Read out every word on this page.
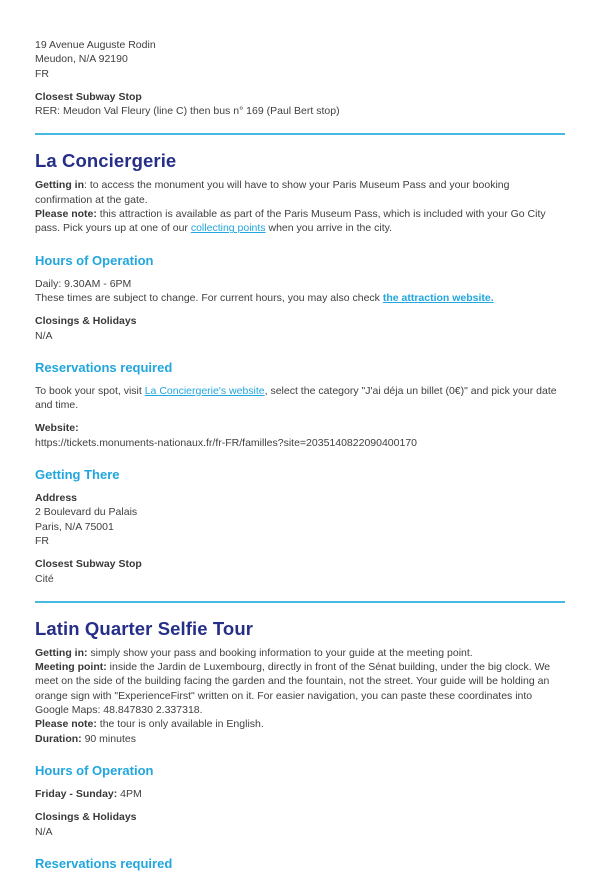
19 Avenue Auguste Rodin

Meudon, N/A 92190

FR

Closest Subway Stop

RER: Meudon Val Fleury (line C) then bus n° 169 (Paul Bert stop)

La Conciergerie

Getting in: to access the monument you will have to show your Paris Museum Pass and your booking confirmation at the gate.
Please note: this attraction is available as part of the Paris Museum Pass, which is included with your Go City pass. Pick yours up at one of our collecting points when you arrive in the city.

Hours of Operation

Daily: 9.30AM - 6PM

These times are subject to change. For current hours, you may also check the attraction website.

Closings & Holidays

N/A

Reservations required

To book your spot, visit La Conciergerie's website, select the category "J'ai déja un billet (0€)" and pick your date and time.

Website:

https://tickets.monuments-nationaux.fr/fr-FR/familles?site=2035140822090400170

Getting There

Address

2 Boulevard du Palais

Paris, N/A 75001

FR

Closest Subway Stop

Cité

Latin Quarter Selfie Tour

Getting in: simply show your pass and booking information to your guide at the meeting point.
Meeting point: inside the Jardin de Luxembourg, directly in front of the Sénat building, under the big clock. We meet on the side of the building facing the garden and the fountain, not the street. Your guide will be holding an orange sign with "ExperienceFirst" written on it. For easier navigation, you can paste these coordinates into Google Maps: 48.847830 2.337318.
Please note: the tour is only available in English.
Duration: 90 minutes

Hours of Operation

Friday - Sunday: 4PM

Closings & Holidays

N/A

Reservations required
